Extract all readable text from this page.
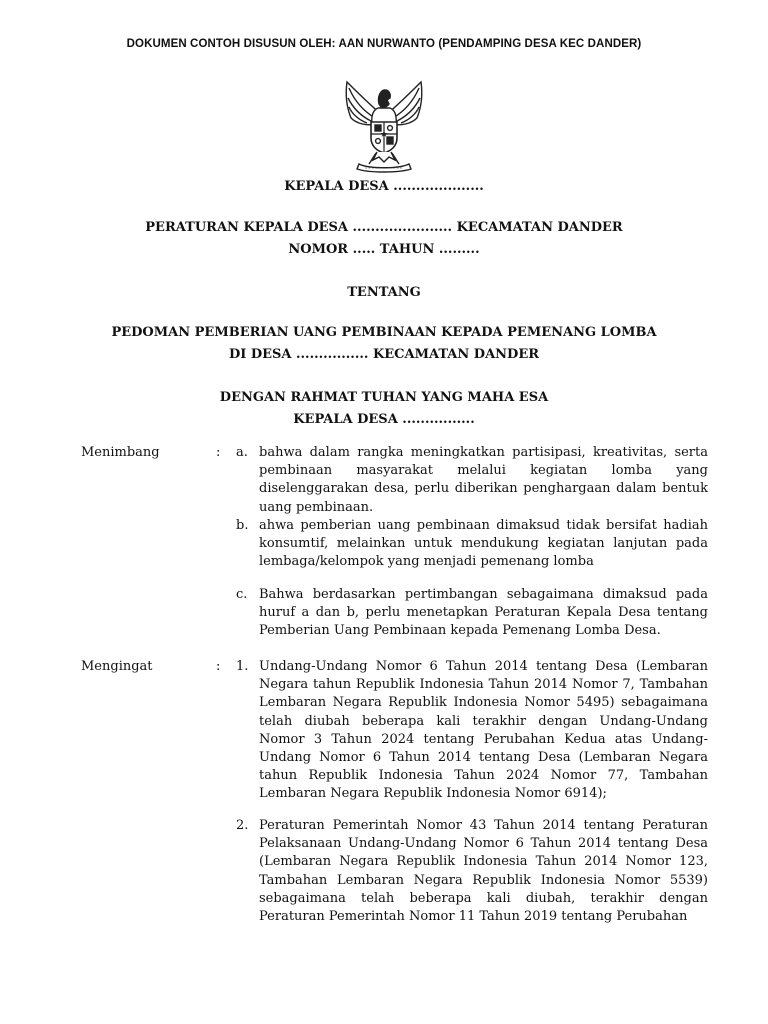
DOKUMEN CONTOH DISUSUN OLEH: AAN NURWANTO (PENDAMPING DESA KEC DANDER)
KEPALA DESA ....................
PERATURAN KEPALA DESA ...................... KECAMATAN DANDER
NOMOR ..... TAHUN .........
TENTANG
PEDOMAN PEMBERIAN UANG PEMBINAAN KEPADA PEMENANG LOMBA
DI DESA ................ KECAMATAN DANDER
DENGAN RAHMAT TUHAN YANG MAHA ESA
KEPALA DESA ................
Menimbang	: a. bahwa dalam rangka meningkatkan partisipasi, kreativitas, serta pembinaan masyarakat melalui kegiatan lomba yang diselenggarakan desa, perlu diberikan penghargaan dalam bentuk uang pembinaan.
b. ahwa pemberian uang pembinaan dimaksud tidak bersifat hadiah konsumtif, melainkan untuk mendukung kegiatan lanjutan pada lembaga/kelompok yang menjadi pemenang lomba
c. Bahwa berdasarkan pertimbangan sebagaimana dimaksud pada huruf a dan b, perlu menetapkan Peraturan Kepala Desa tentang Pemberian Uang Pembinaan kepada Pemenang Lomba Desa.
Mengingat	: 1. Undang-Undang Nomor 6 Tahun 2014 tentang Desa (Lembaran Negara tahun Republik Indonesia Tahun 2014 Nomor 7, Tambahan Lembaran Negara Republik Indonesia Nomor 5495) sebagaimana telah diubah beberapa kali terakhir dengan Undang-Undang Nomor 3 Tahun 2024 tentang Perubahan Kedua atas Undang-Undang Nomor 6 Tahun 2014 tentang Desa (Lembaran Negara tahun Republik Indonesia Tahun 2024 Nomor 77, Tambahan Lembaran Negara Republik Indonesia Nomor 6914);
2. Peraturan Pemerintah Nomor 43 Tahun 2014 tentang Peraturan Pelaksanaan Undang-Undang Nomor 6 Tahun 2014 tentang Desa (Lembaran Negara Republik Indonesia Tahun 2014 Nomor 123, Tambahan Lembaran Negara Republik Indonesia Nomor 5539) sebagaimana telah beberapa kali diubah, terakhir dengan Peraturan Pemerintah Nomor 11 Tahun 2019 tentang Perubahan
